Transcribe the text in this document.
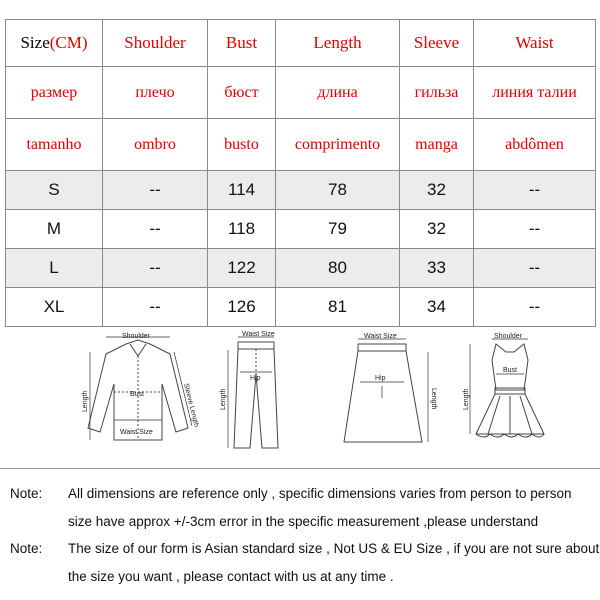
Size(CM)	Shoulder	Bust	Length	Sleeve	Waist
размер	плечо	бюст	длина	гильза	линия талии
tamanho	ombro	busto	comprimento	manga	abdômen
S	--	114	78	32	--
M	--	118	79	32	--
L	--	122	80	33	--
XL	--	126	81	34	--
Shoulder
Bust
Waist Size
Length	Sleeve Length
Waist Size
Hip
Length
Waist Size
Hip
Length
Shoulder
Bust
Length
Note: All dimensions are reference only , specific dimensions varies from person to person
size have approx +/-3cm error in the specific measurement ,please understand
Note: The size of our form is Asian standard size , Not US & EU Size , if you are not sure about
the size you want , please contact with us at any time .
